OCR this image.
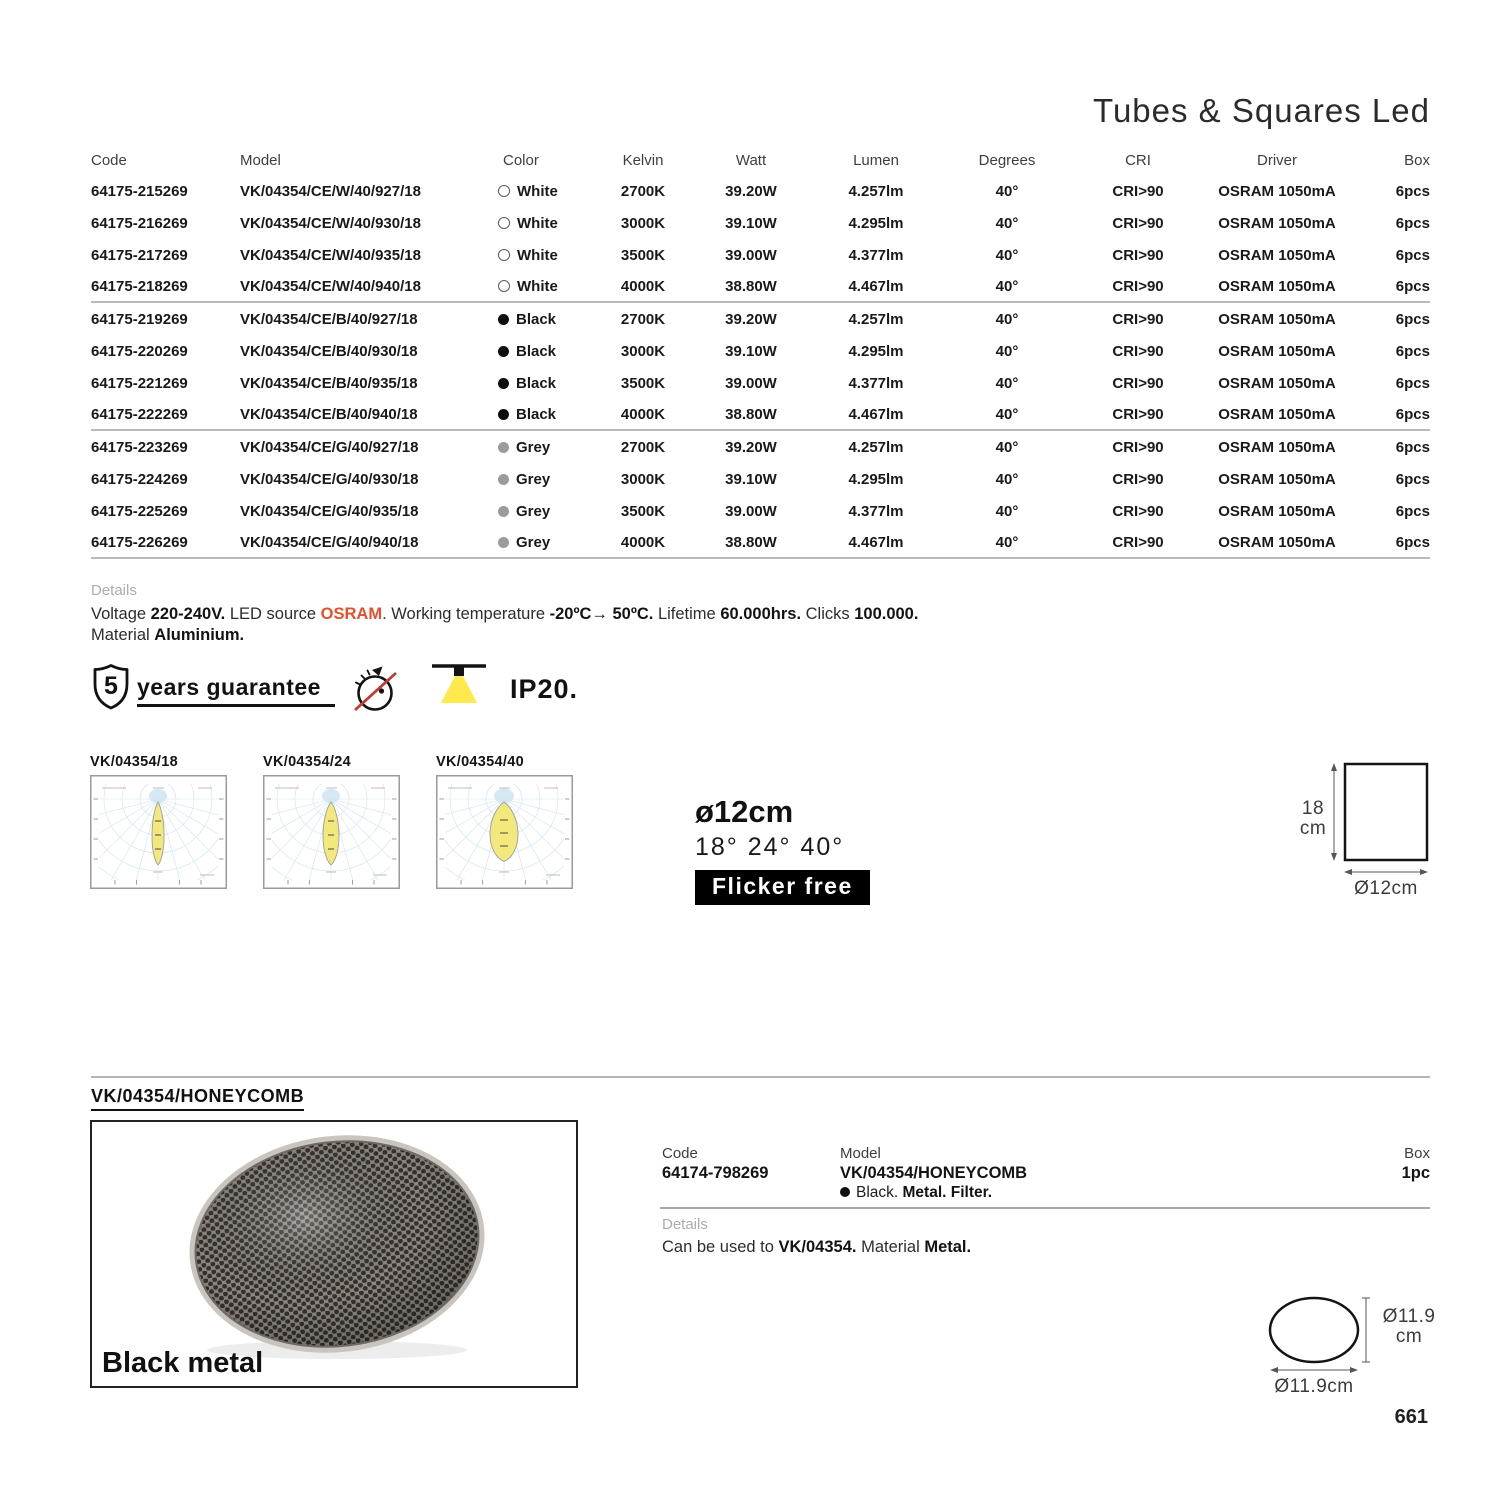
Tubes & Squares Led
Code	Model	Color	Kelvin	Watt	Lumen	Degrees	CRI	Driver	Box
64175-215269	VK/04354/CE/W/40/927/18	White	2700K	39.20W	4.257lm	40°	CRI>90	OSRAM 1050mA	6pcs
64175-216269	VK/04354/CE/W/40/930/18	White	3000K	39.10W	4.295lm	40°	CRI>90	OSRAM 1050mA	6pcs
64175-217269	VK/04354/CE/W/40/935/18	White	3500K	39.00W	4.377lm	40°	CRI>90	OSRAM 1050mA	6pcs
64175-218269	VK/04354/CE/W/40/940/18	White	4000K	38.80W	4.467lm	40°	CRI>90	OSRAM 1050mA	6pcs
64175-219269	VK/04354/CE/B/40/927/18	Black	2700K	39.20W	4.257lm	40°	CRI>90	OSRAM 1050mA	6pcs
64175-220269	VK/04354/CE/B/40/930/18	Black	3000K	39.10W	4.295lm	40°	CRI>90	OSRAM 1050mA	6pcs
64175-221269	VK/04354/CE/B/40/935/18	Black	3500K	39.00W	4.377lm	40°	CRI>90	OSRAM 1050mA	6pcs
64175-222269	VK/04354/CE/B/40/940/18	Black	4000K	38.80W	4.467lm	40°	CRI>90	OSRAM 1050mA	6pcs
64175-223269	VK/04354/CE/G/40/927/18	Grey	2700K	39.20W	4.257lm	40°	CRI>90	OSRAM 1050mA	6pcs
64175-224269	VK/04354/CE/G/40/930/18	Grey	3000K	39.10W	4.295lm	40°	CRI>90	OSRAM 1050mA	6pcs
64175-225269	VK/04354/CE/G/40/935/18	Grey	3500K	39.00W	4.377lm	40°	CRI>90	OSRAM 1050mA	6pcs
64175-226269	VK/04354/CE/G/40/940/18	Grey	4000K	38.80W	4.467lm	40°	CRI>90	OSRAM 1050mA	6pcs
Details
Voltage 220-240V. LED source OSRAM. Working temperature -20ºC→ 50ºC. Lifetime 60.000hrs. Clicks 100.000.
Material Aluminium.
5 years guarantee	IP20.
VK/04354/18	VK/04354/24	VK/04354/40
ø12cm
18° 24° 40°
Flicker free
18
cm
Ø12cm
VK/04354/HONEYCOMB
Black metal
Code
64174-798269
Model
VK/04354/HONEYCOMB
Black. Metal. Filter.
Box
1pc
Details
Can be used to VK/04354. Material Metal.
Ø11.9
cm
Ø11.9cm
661
